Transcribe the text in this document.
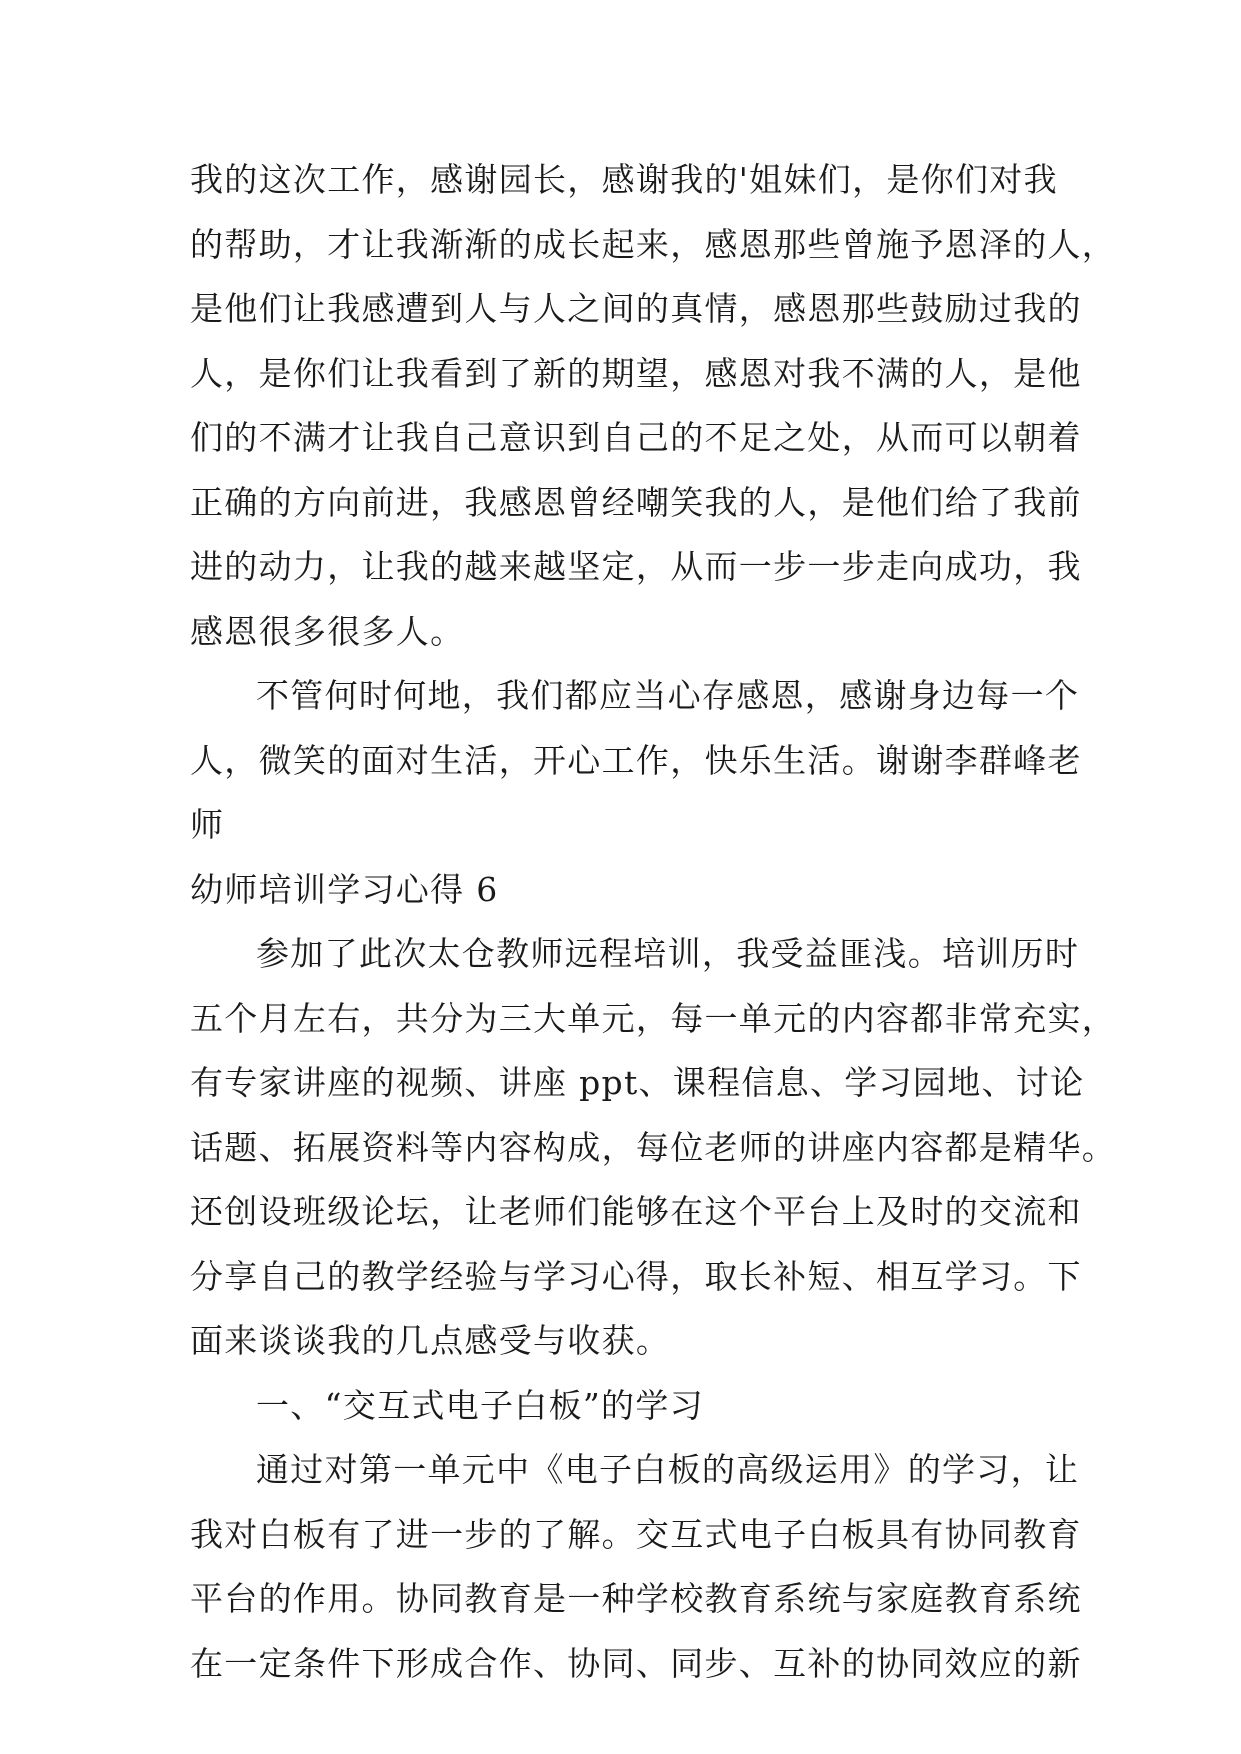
我的这次工作，感谢园长，感谢我的'姐妹们，是你们对我
的帮助，才让我渐渐的成长起来，感恩那些曾施予恩泽的人，
是他们让我感遭到人与人之间的真情，感恩那些鼓励过我的
人，是你们让我看到了新的期望，感恩对我不满的人，是他
们的不满才让我自己意识到自己的不足之处，从而可以朝着
正确的方向前进，我感恩曾经嘲笑我的人，是他们给了我前
进的动力，让我的越来越坚定，从而一步一步走向成功，我
感恩很多很多人。
不管何时何地，我们都应当心存感恩，感谢身边每一个
人，微笑的面对生活，开心工作，快乐生活。谢谢李群峰老
师
幼师培训学习心得 6
参加了此次太仓教师远程培训，我受益匪浅。培训历时
五个月左右，共分为三大单元，每一单元的内容都非常充实，
有专家讲座的视频、讲座 ppt、课程信息、学习园地、讨论
话题、拓展资料等内容构成，每位老师的讲座内容都是精华。
还创设班级论坛，让老师们能够在这个平台上及时的交流和
分享自己的教学经验与学习心得，取长补短、相互学习。下
面来谈谈我的几点感受与收获。
一、“交互式电子白板”的学习
通过对第一单元中《电子白板的高级运用》的学习，让
我对白板有了进一步的了解。交互式电子白板具有协同教育
平台的作用。协同教育是一种学校教育系统与家庭教育系统
在一定条件下形成合作、协同、同步、互补的协同效应的新
